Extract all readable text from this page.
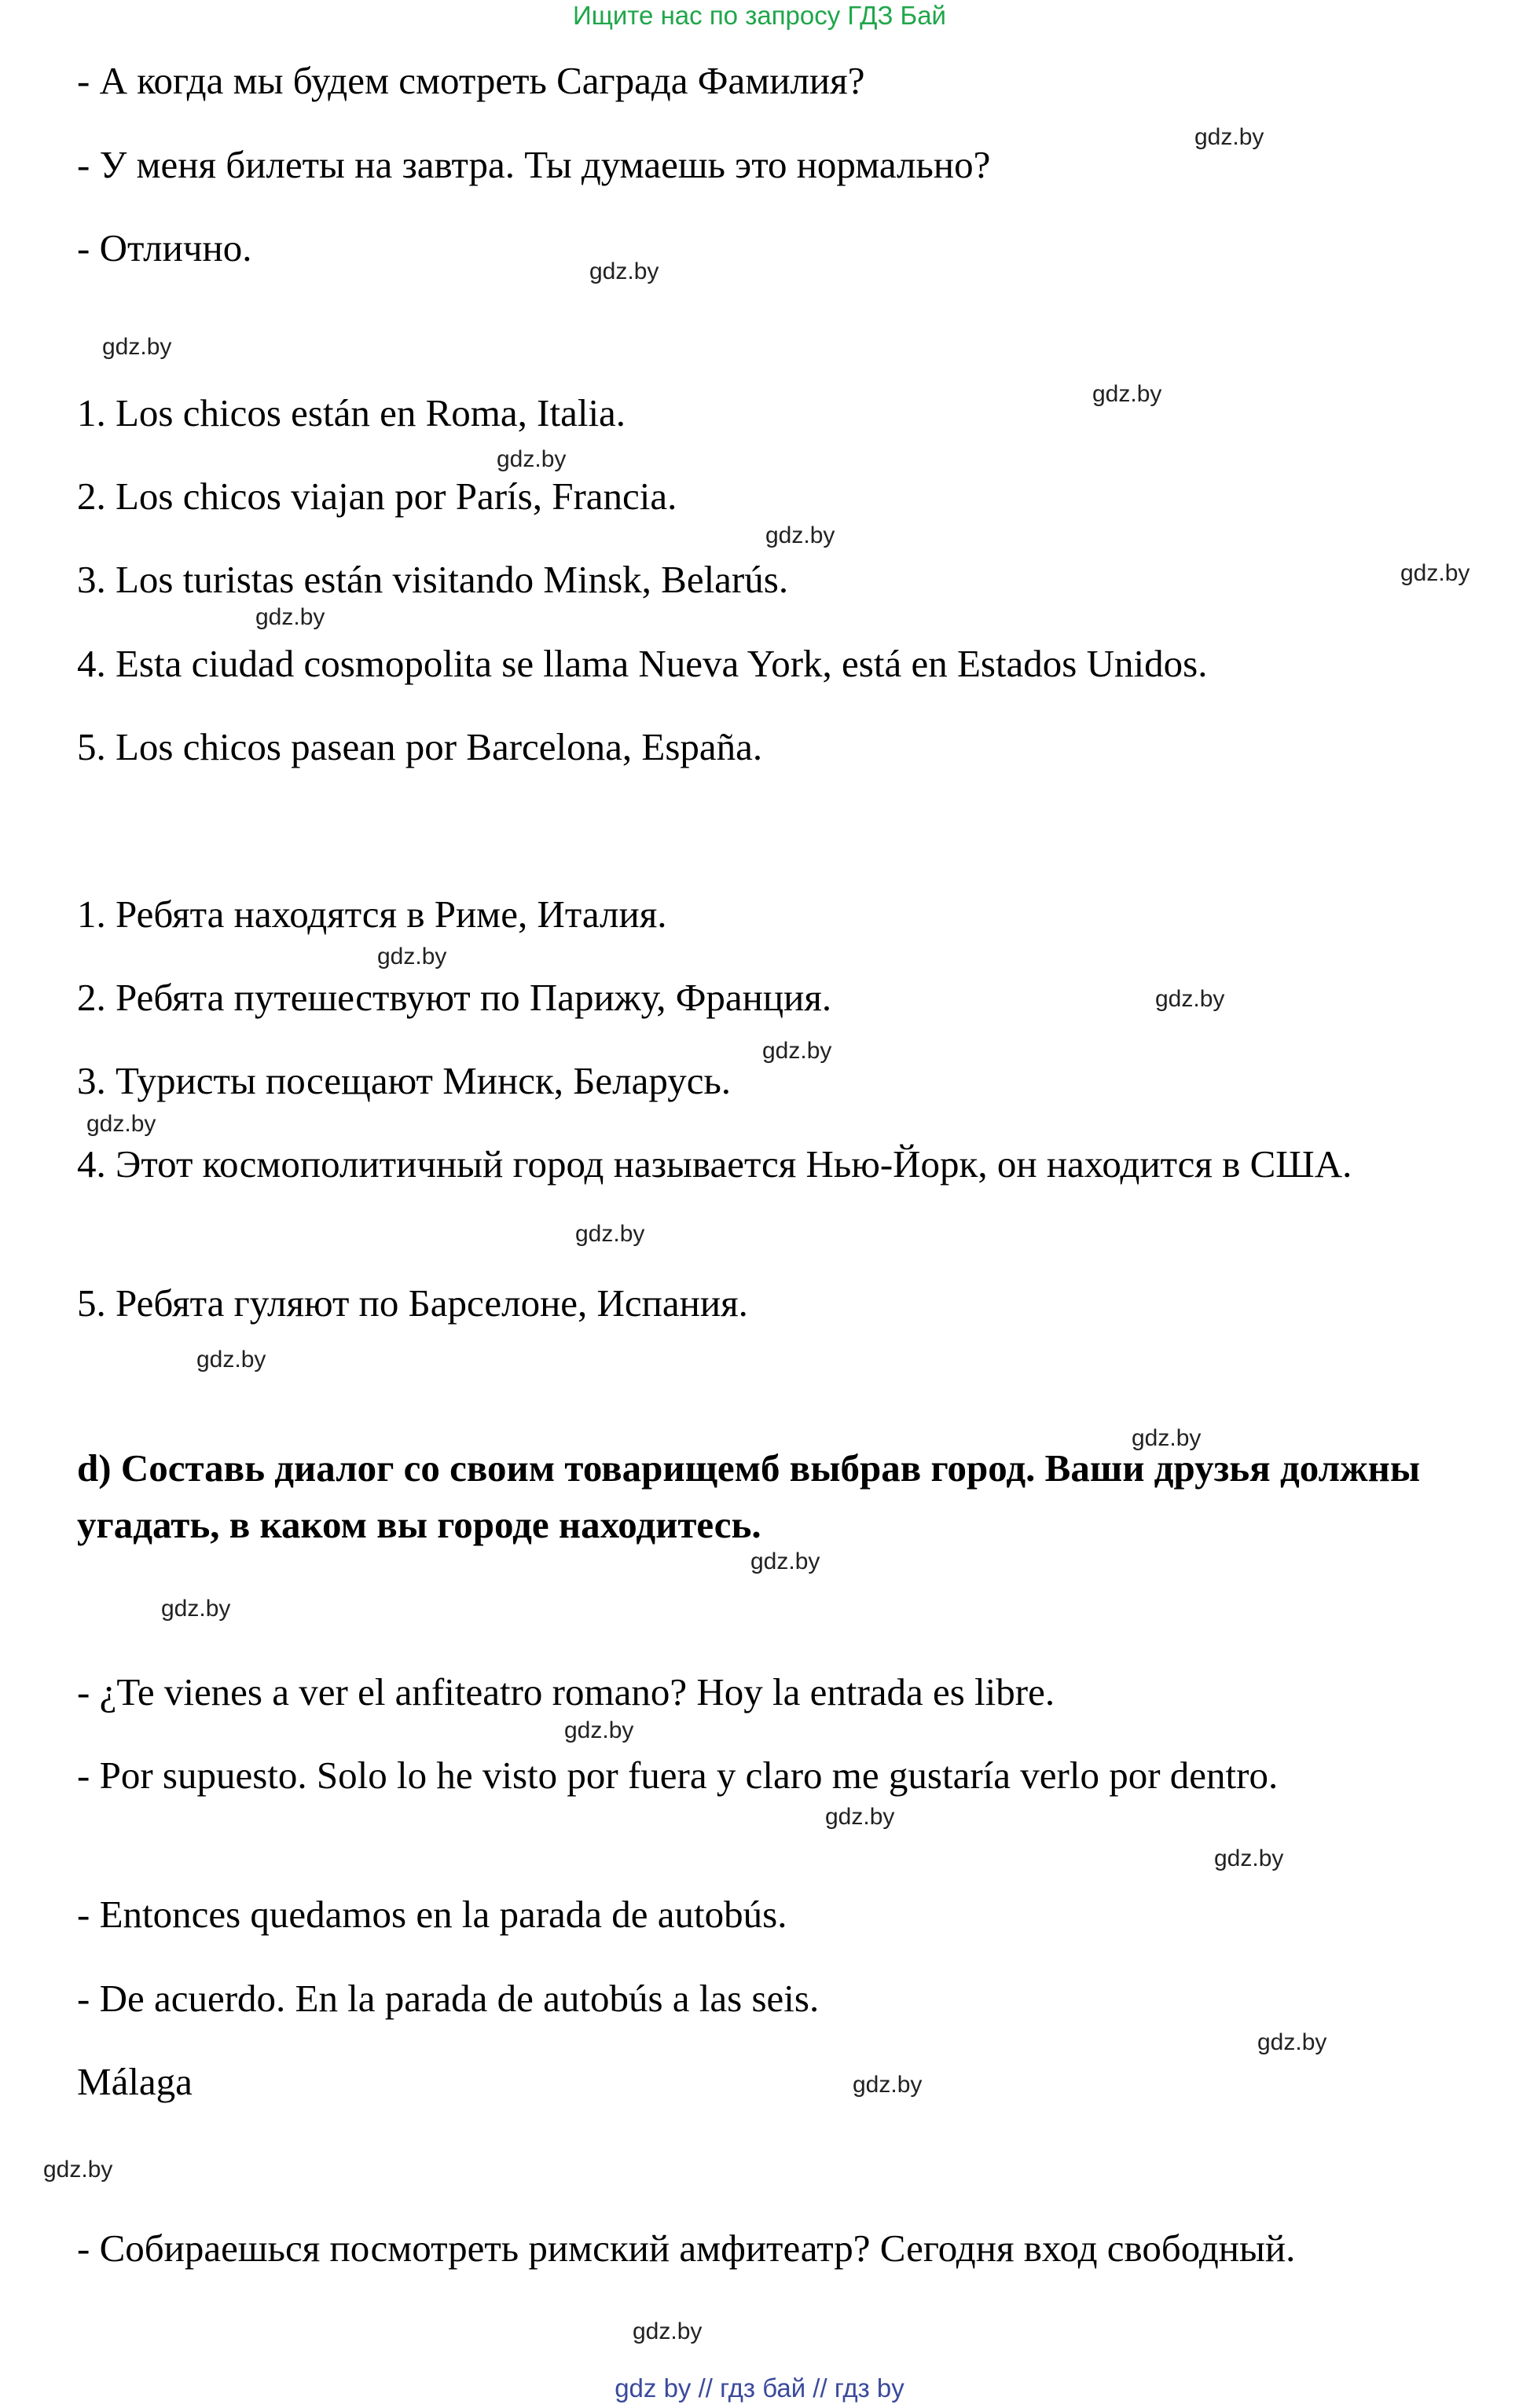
Ищите нас по запросу ГДЗ Бай
- А когда мы будем смотреть Саграда Фамилия?
- У меня билеты на завтра. Ты думаешь это нормально?
- Отлично.
1. Los chicos están en Roma, Italia.
2. Los chicos viajan por París, Francia.
3. Los turistas están visitando Minsk, Belarús.
4. Esta ciudad cosmopolita se llama Nueva York, está en Estados Unidos.
5. Los chicos pasean por Barcelona, España.
1. Ребята находятся в Риме, Италия.
2. Ребята путешествуют по Парижу, Франция.
3. Туристы посещают Минск, Беларусь.
4. Этот космополитичный город называется Нью-Йорк, он находится в США.
5. Ребята гуляют по Барселоне, Испания.
d) Составь диалог со своим товарищемб выбрав город. Ваши друзья должны угадать, в каком вы городе находитесь.
- ¿Te vienes a ver el anfiteatro romano? Hoy la entrada es libre.
- Por supuesto. Solo lo he visto por fuera y claro me gustaría verlo por dentro.
- Entonces quedamos en la parada de autobús.
- De acuerdo. En la parada de autobús a las seis.
Málaga
- Собираешься посмотреть римский амфитеатр? Сегодня вход свободный.
gdz.by
gdz.by
gdz.by
gdz.by
gdz.by
gdz.by
gdz.by
gdz.by
gdz.by
gdz.by
gdz.by
gdz.by
gdz.by
gdz.by
gdz.by
gdz.by
gdz.by
gdz.by
gdz.by
gdz.by
gdz.by
gdz.by
gdz.by
gdz.by
gdz by // гдз бай // гдз by
